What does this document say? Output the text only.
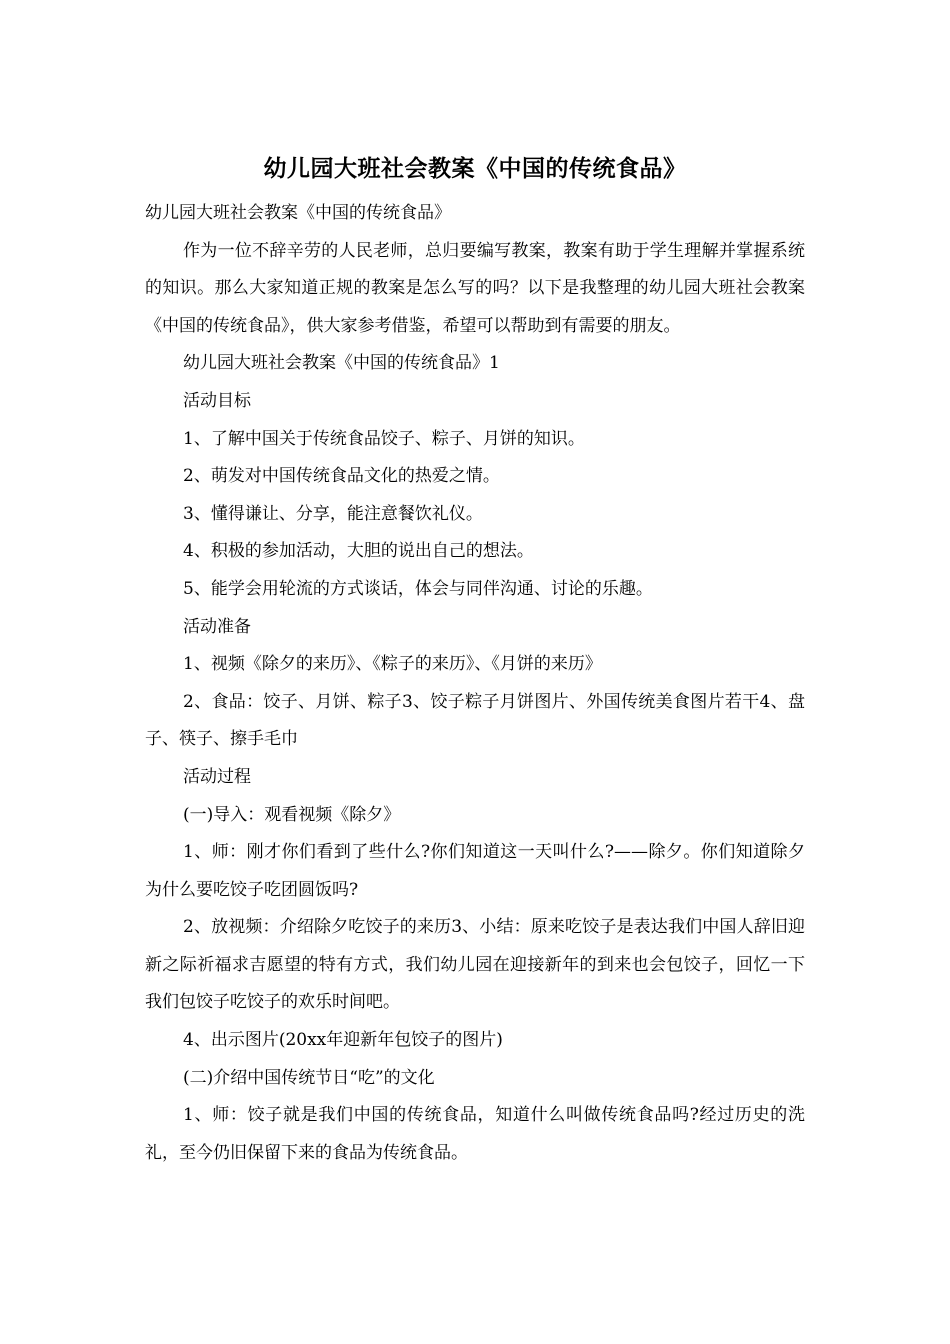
幼儿园大班社会教案《中国的传统食品》

幼儿园大班社会教案《中国的传统食品》

作为一位不辞辛劳的人民老师，总归要编写教案，教案有助于学生理解并掌握系统的知识。那么大家知道正规的教案是怎么写的吗？以下是我整理的幼儿园大班社会教案《中国的传统食品》，供大家参考借鉴，希望可以帮助到有需要的朋友。

幼儿园大班社会教案《中国的传统食品》1

活动目标

1、了解中国关于传统食品饺子、粽子、月饼的知识。

2、萌发对中国传统食品文化的热爱之情。

3、懂得谦让、分享，能注意餐饮礼仪。

4、积极的参加活动，大胆的说出自己的想法。

5、能学会用轮流的方式谈话，体会与同伴沟通、讨论的乐趣。

活动准备

1、视频《除夕的来历》、《粽子的来历》、《月饼的来历》

2、食品：饺子、月饼、粽子3、饺子粽子月饼图片、外国传统美食图片若干4、盘子、筷子、擦手毛巾

活动过程

(一)导入：观看视频《除夕》

1、师：刚才你们看到了些什么?你们知道这一天叫什么?——除夕。你们知道除夕为什么要吃饺子吃团圆饭吗?

2、放视频：介绍除夕吃饺子的来历3、小结：原来吃饺子是表达我们中国人辞旧迎新之际祈福求吉愿望的特有方式，我们幼儿园在迎接新年的到来也会包饺子，回忆一下我们包饺子吃饺子的欢乐时间吧。

4、出示图片(20xx年迎新年包饺子的图片)

(二)介绍中国传统节日“吃”的文化

1、师：饺子就是我们中国的传统食品，知道什么叫做传统食品吗?经过历史的洗礼，至今仍旧保留下来的食品为传统食品。
